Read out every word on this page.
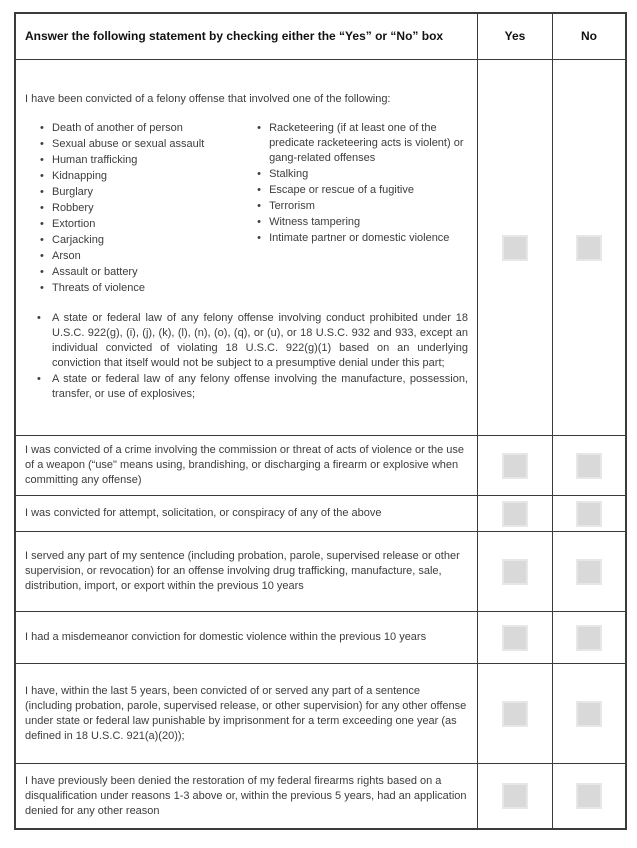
Answer the following statement by checking either the “Yes” or “No” box	Yes	No

I have been convicted of a felony offense that involved one of the following:

• Death of another of person
• Sexual abuse or sexual assault
• Human trafficking
• Kidnapping
• Burglary
• Robbery
• Extortion
• Carjacking
• Arson
• Assault or battery
• Threats of violence
• Racketeering (if at least one of the predicate racketeering acts is violent) or gang-related offenses
• Stalking
• Escape or rescue of a fugitive
• Terrorism
• Witness tampering
• Intimate partner or domestic violence
• A state or federal law of any felony offense involving conduct prohibited under 18 U.S.C. 922(g), (i), (j), (k), (l), (n), (o), (q), or (u), or 18 U.S.C. 932 and 933, except an individual convicted of violating 18 U.S.C. 922(g)(1) based on an underlying conviction that itself would not be subject to a presumptive denial under this part;
• A state or federal law of any felony offense involving the manufacture, possession, transfer, or use of explosives;

I was convicted of a crime involving the commission or threat of acts of violence or the use of a weapon (“use" means using, brandishing, or discharging a firearm or explosive when committing any offense)

I was convicted for attempt, solicitation, or conspiracy of any of the above

I served any part of my sentence (including probation, parole, supervised release or other supervision, or revocation) for an offense involving drug trafficking, manufacture, sale, distribution, import, or export within the previous 10 years

I had a misdemeanor conviction for domestic violence within the previous 10 years

I have, within the last 5 years, been convicted of or served any part of a sentence (including probation, parole, supervised release, or other supervision) for any other offense under state or federal law punishable by imprisonment for a term exceeding one year (as defined in 18 U.S.C. 921(a)(20));

I have previously been denied the restoration of my federal firearms rights based on a disqualification under reasons 1-3 above or, within the previous 5 years, had an application denied for any other reason
